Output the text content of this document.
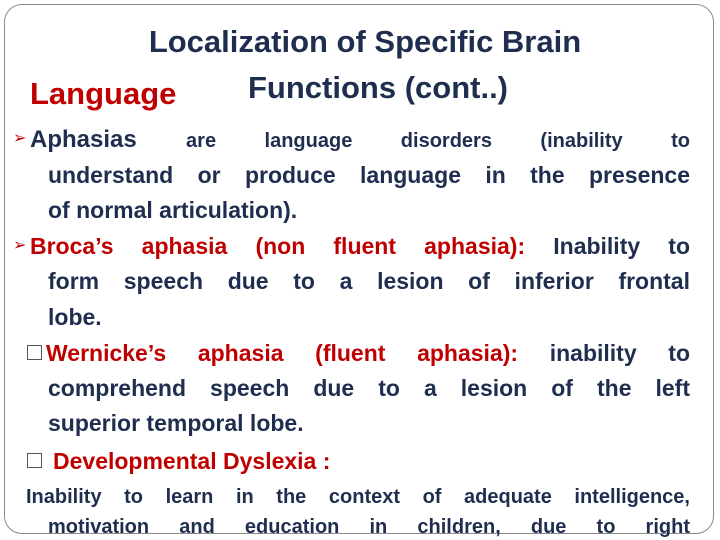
Localization of Specific Brain
Functions (cont..)
Language
➢ Aphasias are language disorders (inability to
understand or produce language in the presence
of normal articulation).
➢ Broca’s aphasia (non fluent aphasia): Inability to
form speech due to a lesion of inferior frontal
lobe.
Wernicke’s aphasia (fluent aphasia): inability to
comprehend speech due to a lesion of the left
superior temporal lobe.
Developmental Dyslexia :
Inability to learn in the context of adequate intelligence,
motivation and education in children, due to right
